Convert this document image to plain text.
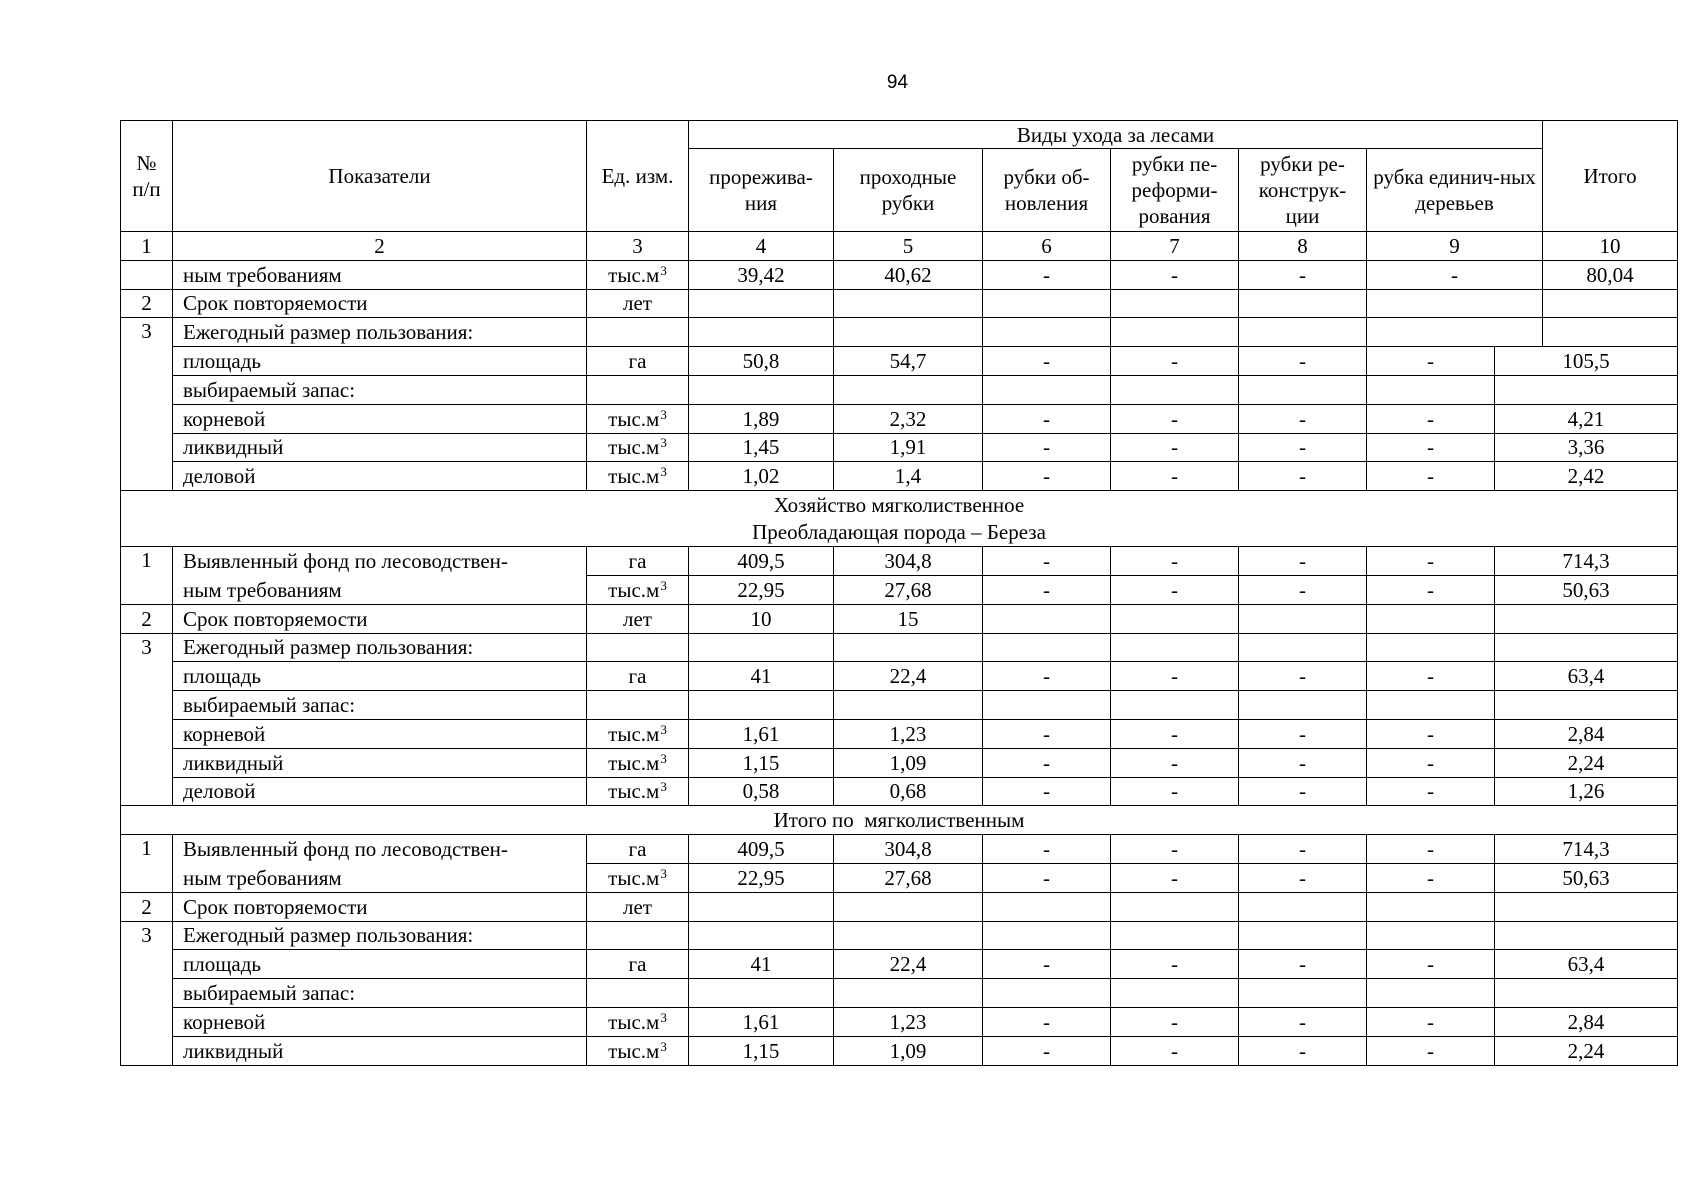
94
№ п/п	Показатели	Ед. изм.	Виды ухода за лесами							Итого
			прорежива-ния	проходные рубки	рубки об-новления	рубки пе-реформи-рования	рубки ре-конструк-ции	рубка единич-ных деревьев		
1	2	3	4	5	6	7	8	9		10
	ным требованиям	$тыс.м^3$	39,42	40,62	-	-	-	-		80,04
2	Срок повторяемости	лет								
3	Ежегодный размер пользования:									
	площадь	га	50,8	54,7	-	-	-	-	105,5	
	выбираемый запас:									
	корневой	$тыс.м^3$	1,89	2,32	-	-	-	-	4,21	
	ликвидный	$тыс.м^3$	1,45	1,91	-	-	-	-	3,36	
	деловой	$тыс.м^3$	1,02	1,4	-	-	-	-	2,42	

Хозяйство мягколиственное
Преобладающая порода – Береза										

1	Выявленный фонд по лесоводствен-	га	409,5	304,8	-	-	-	-	714,3	
	ным требованиям	$тыс.м^3$	22,95	27,68	-	-	-	-	50,63	
2	Срок повторяемости	лет	10	15						
3	Ежегодный размер пользования:									
	площадь	га	41	22,4	-	-	-	-	63,4	
	выбираемый запас:									
	корневой	$тыс.м^3$	1,61	1,23	-	-	-	-	2,84	
	ликвидный	$тыс.м^3$	1,15	1,09	-	-	-	-	2,24	
	деловой	$тыс.м^3$	0,58	0,68	-	-	-	-	1,26	
Итого по  мягколиственным										
1	Выявленный фонд по лесоводствен-	га	409,5	304,8	-	-	-	-	714,3	
	ным требованиям	$тыс.м^3$	22,95	27,68	-	-	-	-	50,63	
2	Срок повторяемости	лет								
3	Ежегодный размер пользования:									
	площадь	га	41	22,4	-	-	-	-	63,4	
	выбираемый запас:									
	корневой	$тыс.м^3$	1,61	1,23	-	-	-	-	2,84	
	ликвидный	$тыс.м^3$	1,15	1,09	-	-	-	-	2,24	
